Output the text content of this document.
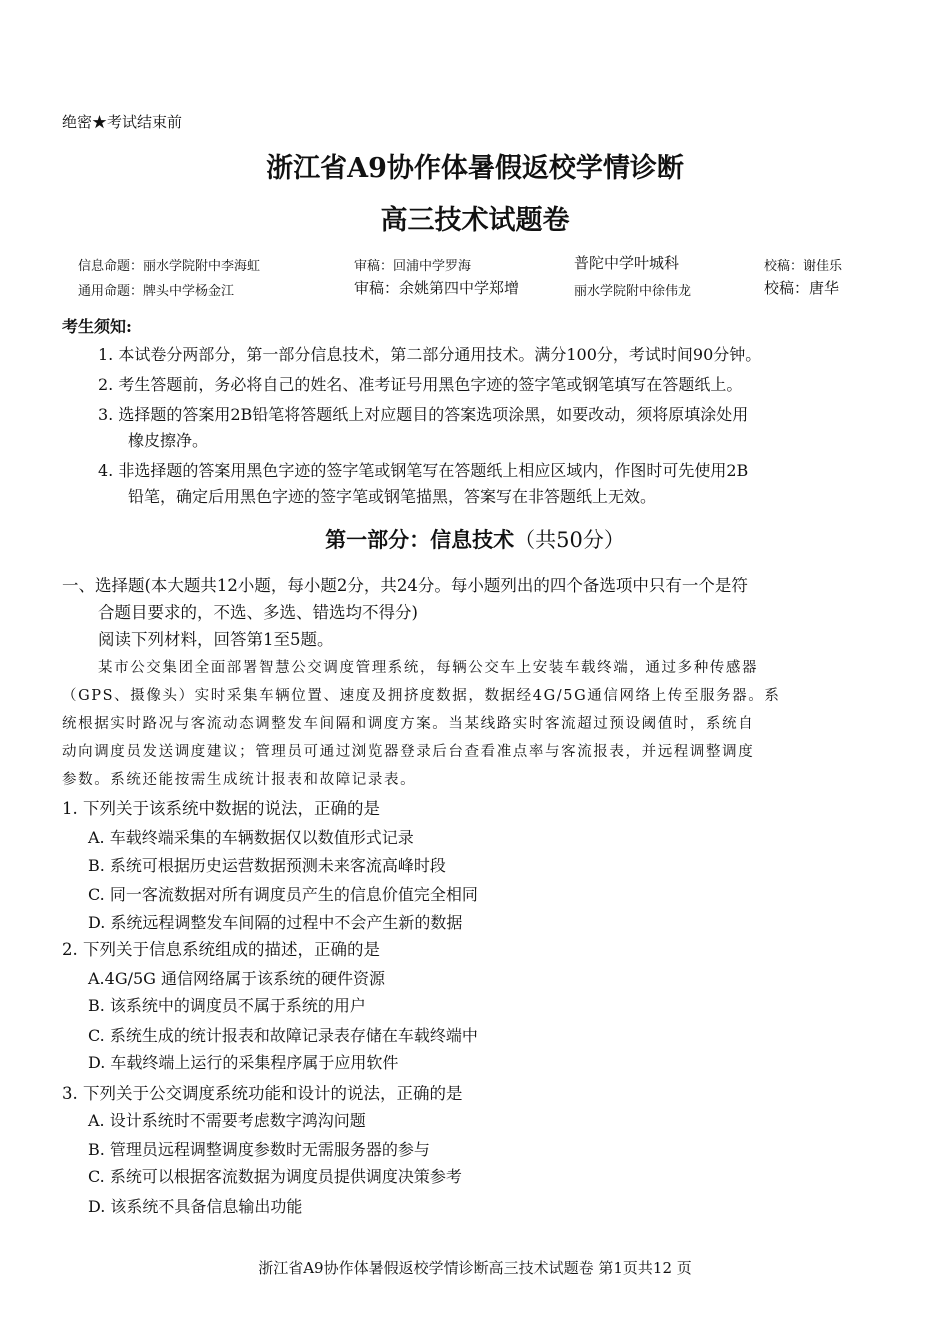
绝密★考试结束前
浙江省A9协作体暑假返校学情诊断
高三技术试题卷
信息命题：丽水学院附中李海虹	审稿：回浦中学罗海	普陀中学叶城科	校稿：谢佳乐
通用命题：牌头中学杨金江	审稿：余姚第四中学郑增	丽水学院附中徐伟龙	校稿：唐华
考生须知:
1. 本试卷分两部分，第一部分信息技术，第二部分通用技术。满分100分，考试时间90分钟。
2. 考生答题前，务必将自己的姓名、准考证号用黑色字迹的签字笔或钢笔填写在答题纸上。
3. 选择题的答案用2B铅笔将答题纸上对应题目的答案选项涂黑，如要改动，须将原填涂处用
橡皮擦净。
4. 非选择题的答案用黑色字迹的签字笔或钢笔写在答题纸上相应区域内，作图时可先使用2B
铅笔，确定后用黑色字迹的签字笔或钢笔描黑，答案写在非答题纸上无效。
第一部分：信息技术（共50分）
一、选择题(本大题共12小题，每小题2分，共24分。每小题列出的四个备选项中只有一个是符
合题目要求的，不选、多选、错选均不得分)
阅读下列材料，回答第1至5题。
某市公交集团全面部署智慧公交调度管理系统，每辆公交车上安装车载终端，通过多种传感器
（GPS、摄像头）实时采集车辆位置、速度及拥挤度数据，数据经4G/5G通信网络上传至服务器。系
统根据实时路况与客流动态调整发车间隔和调度方案。当某线路实时客流超过预设阈值时，系统自
动向调度员发送调度建议；管理员可通过浏览器登录后台查看准点率与客流报表，并远程调整调度
参数。系统还能按需生成统计报表和故障记录表。
1. 下列关于该系统中数据的说法，正确的是
A. 车载终端采集的车辆数据仅以数值形式记录
B. 系统可根据历史运营数据预测未来客流高峰时段
C. 同一客流数据对所有调度员产生的信息价值完全相同
D. 系统远程调整发车间隔的过程中不会产生新的数据
2. 下列关于信息系统组成的描述，正确的是
A.4G/5G 通信网络属于该系统的硬件资源
B. 该系统中的调度员不属于系统的用户
C. 系统生成的统计报表和故障记录表存储在车载终端中
D. 车载终端上运行的采集程序属于应用软件
3. 下列关于公交调度系统功能和设计的说法，正确的是
A. 设计系统时不需要考虑数字鸿沟问题
B. 管理员远程调整调度参数时无需服务器的参与
C. 系统可以根据客流数据为调度员提供调度决策参考
D. 该系统不具备信息输出功能
浙江省A9协作体暑假返校学情诊断高三技术试题卷 第1页共12 页
